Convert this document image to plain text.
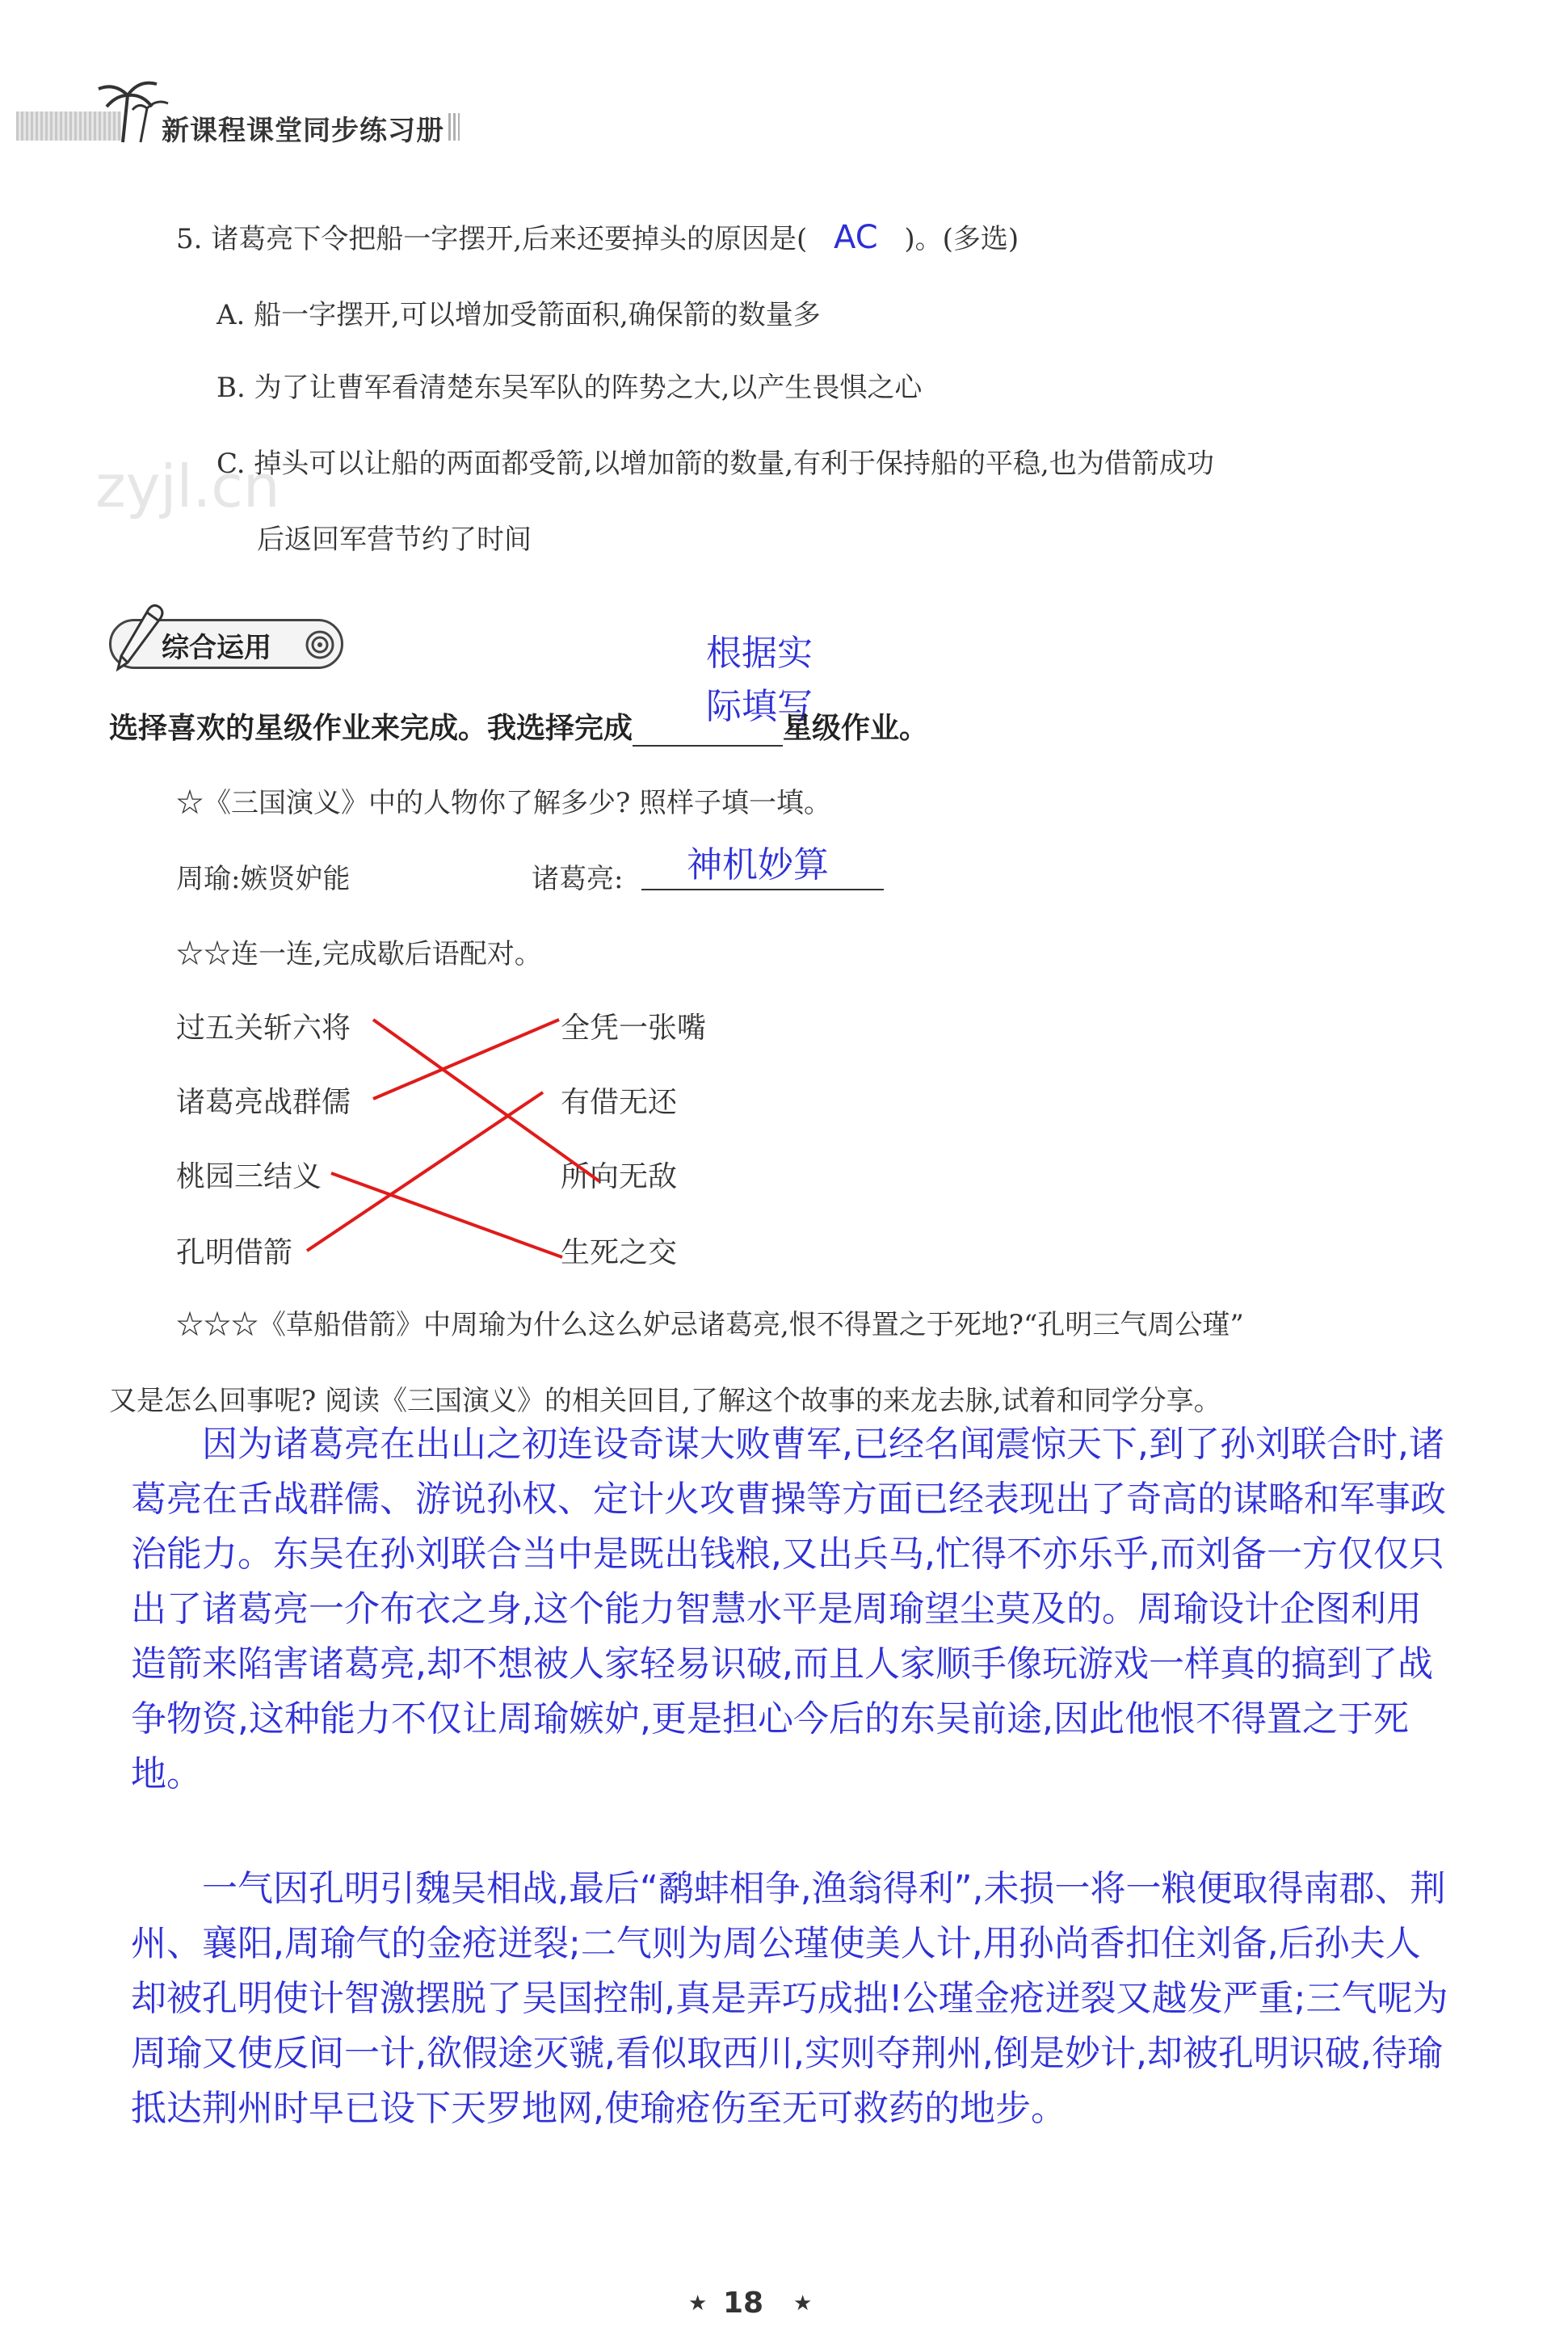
新课程课堂同步练习册
zyjl.cn
5. 诸葛亮下令把船一字摆开,后来还要掉头的原因是( AC )。(多选)
A. 船一字摆开,可以增加受箭面积,确保箭的数量多
B. 为了让曹军看清楚东吴军队的阵势之大,以产生畏惧之心
C. 掉头可以让船的两面都受箭,以增加箭的数量,有利于保持船的平稳,也为借箭成功
后返回军营节约了时间
综合运用	根据实
际填写
选择喜欢的星级作业来完成。我选择完成	星级作业。
☆《三国演义》中的人物你了解多少? 照样子填一填。
周瑜:嫉贤妒能	诸葛亮: 神机妙算
☆☆连一连,完成歇后语配对。
过五关斩六将
诸葛亮战群儒
桃园三结义
孔明借箭
全凭一张嘴
有借无还
所向无敌
生死之交
☆☆☆《草船借箭》中周瑜为什么这么妒忌诸葛亮,恨不得置之于死地?“孔明三气周公瑾”
又是怎么回事呢? 阅读《三国演义》的相关回目,了解这个故事的来龙去脉,试着和同学分享。
因为诸葛亮在出山之初连设奇谋大败曹军,已经名闻震惊天下,到了孙刘联合时,诸葛亮在舌战群儒、游说孙权、定计火攻曹操等方面已经表现出了奇高的谋略和军事政治能力。东吴在孙刘联合当中是既出钱粮,又出兵马,忙得不亦乐乎,而刘备一方仅仅只出了诸葛亮一介布衣之身,这个能力智慧水平是周瑜望尘莫及的。周瑜设计企图利用造箭来陷害诸葛亮,却不想被人家轻易识破,而且人家顺手像玩游戏一样真的搞到了战争物资,这种能力不仅让周瑜嫉妒,更是担心今后的东吴前途,因此他恨不得置之于死地。
一气因孔明引魏吴相战,最后“鹬蚌相争,渔翁得利”,未损一将一粮便取得南郡、荆州、襄阳,周瑜气的金疮迸裂;二气则为周公瑾使美人计,用孙尚香扣住刘备,后孙夫人却被孔明使计智激摆脱了吴国控制,真是弄巧成拙!公瑾金疮迸裂又越发严重;三气呢为周瑜又使反间一计,欲假途灭虢,看似取西川,实则夺荆州,倒是妙计,却被孔明识破,待瑜抵达荆州时早已设下天罗地网,使瑜疮伤至无可救药的地步。
★ 18 ★
